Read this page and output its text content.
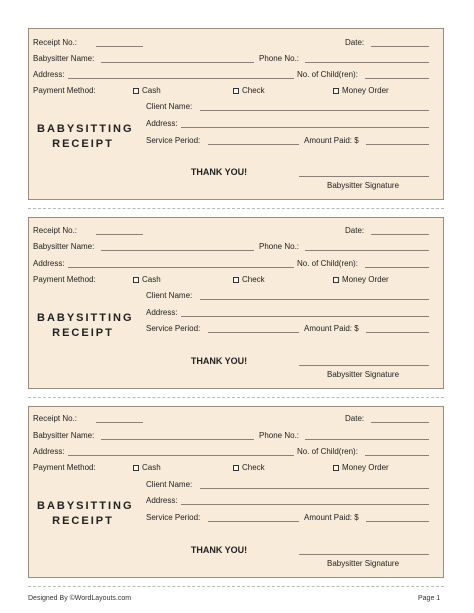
Receipt No.:	Date:
Babysitter Name:	Phone No.:
Address:	No. of Child(ren):
Payment Method:	Cash	Check	Money Order
Client Name:
Address:
Service Period:	Amount Paid: $
BABYSITTING
RECEIPT
THANK YOU!
Babysitter Signature
Receipt No.:	Date:
Babysitter Name:	Phone No.:
Address:	No. of Child(ren):
Payment Method:	Cash	Check	Money Order
Client Name:
Address:
Service Period:	Amount Paid: $
BABYSITTING
RECEIPT
THANK YOU!
Babysitter Signature
Receipt No.:	Date:
Babysitter Name:	Phone No.:
Address:	No. of Child(ren):
Payment Method:	Cash	Check	Money Order
Client Name:
Address:
Service Period:	Amount Paid: $
BABYSITTING
RECEIPT
THANK YOU!
Babysitter Signature
Designed By ©WordLayouts.com	Page 1
